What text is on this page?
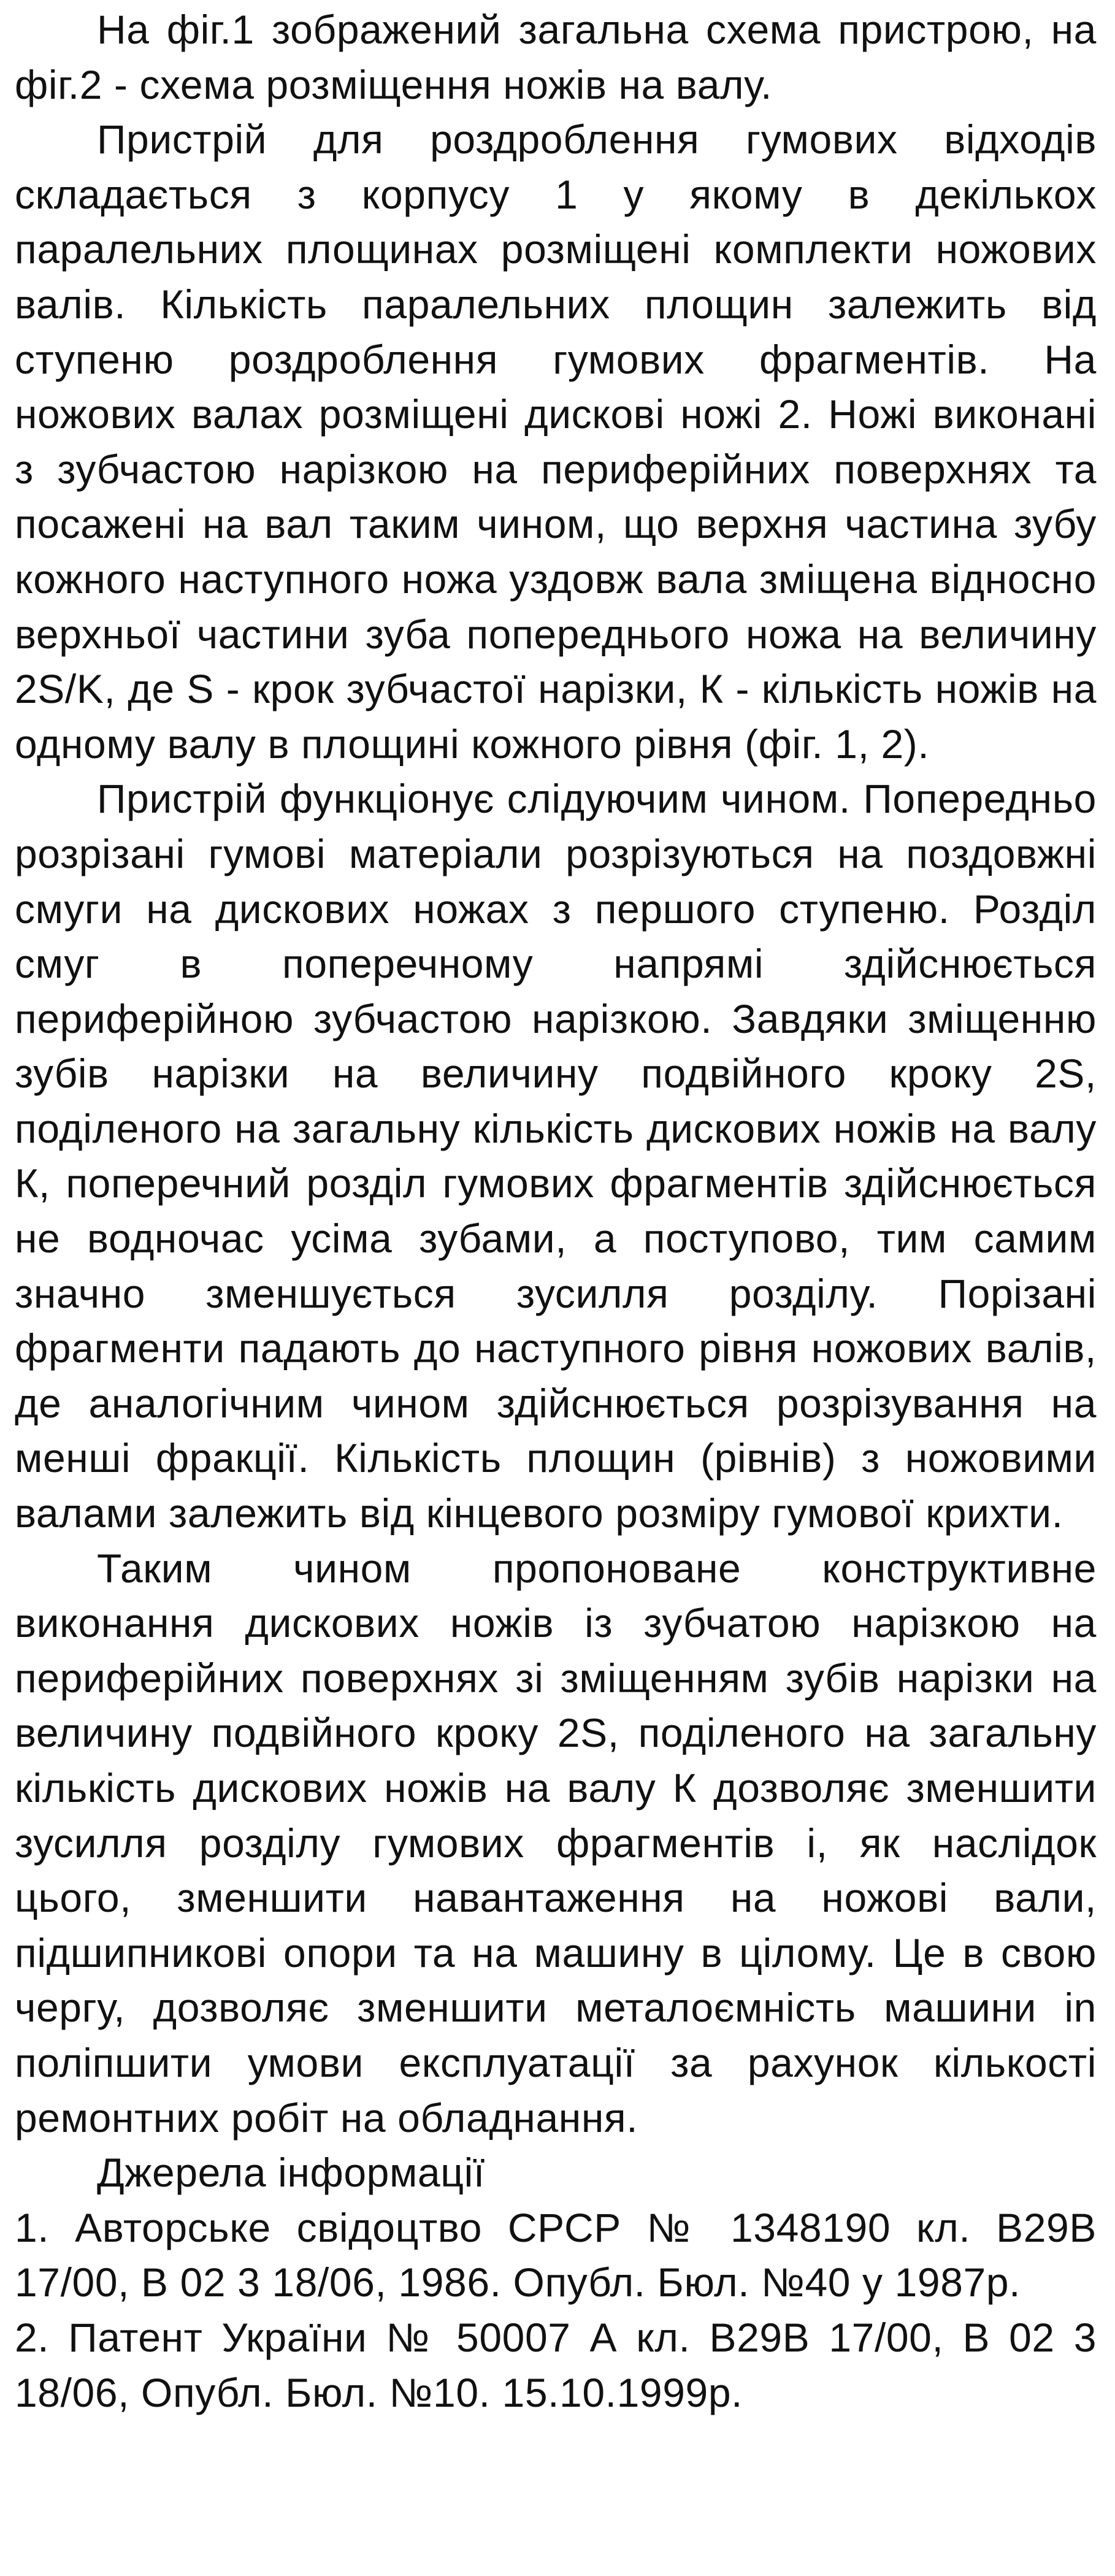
На фіг.1 зображений загальна схема пристрою, на фіг.2 - схема розміщення ножів на валу.

Пристрій для роздроблення гумових відходів складається з корпусу 1 у якому в декількох паралельних площинах розміщені комплекти ножових валів. Кількість паралельних площин залежить від ступеню роздроблення гумових фрагментів. На ножових валах розміщені дискові ножі 2. Ножі виконані з зубчастою нарізкою на периферійних поверхнях та посажені на вал таким чином, що верхня частина зубу кожного наступного ножа уздовж вала зміщена відносно верхньої частини зуба попереднього ножа на величину 2S/K, де S - крок зубчастої нарізки, К - кількість ножів на одному валу в площині кожного рівня (фіг. 1, 2).

Пристрій функціонує слідуючим чином. Попередньо розрізані гумові матеріали розрізуються на поздовжні смуги на дискових ножах з першого ступеню. Розділ смуг в поперечному напрямі здійснюється периферійною зубчастою нарізкою. Завдяки зміщенню зубів нарізки на величину подвійного кроку 2S, поділеного на загальну кількість дискових ножів на валу К, поперечний розділ гумових фрагментів здійснюється не водночас усіма зубами, а поступово, тим самим значно зменшується зусилля розділу. Порізані фрагменти падають до наступного рівня ножових валів, де аналогічним чином здійснюється розрізування на менші фракції. Кількість площин (рівнів) з ножовими валами залежить від кінцевого розміру гумової крихти.

Таким чином пропоноване конструктивне виконання дискових ножів із зубчатою нарізкою на периферійних поверхнях зі зміщенням зубів нарізки на величину подвійного кроку 2S, поділеного на загальну кількість дискових ножів на валу К дозволяє зменшити зусилля розділу гумових фрагментів і, як наслідок цього, зменшити навантаження на ножові вали, підшипникові опори та на машину в цілому. Це в свою чергу, дозволяє зменшити металоємність машини іn поліпшити умови експлуатації за рахунок кількості ремонтних робіт на обладнання.

Джерела інформації

1. Авторське свідоцтво СРСР № 1348190 кл. В29В 17/00, В 02 3 18/06, 1986. Опубл. Бюл. №40 у 1987р.
2. Патент України № 50007 А кл. В29В 17/00, В 02 3 18/06, Опубл. Бюл. №10. 15.10.1999р.
